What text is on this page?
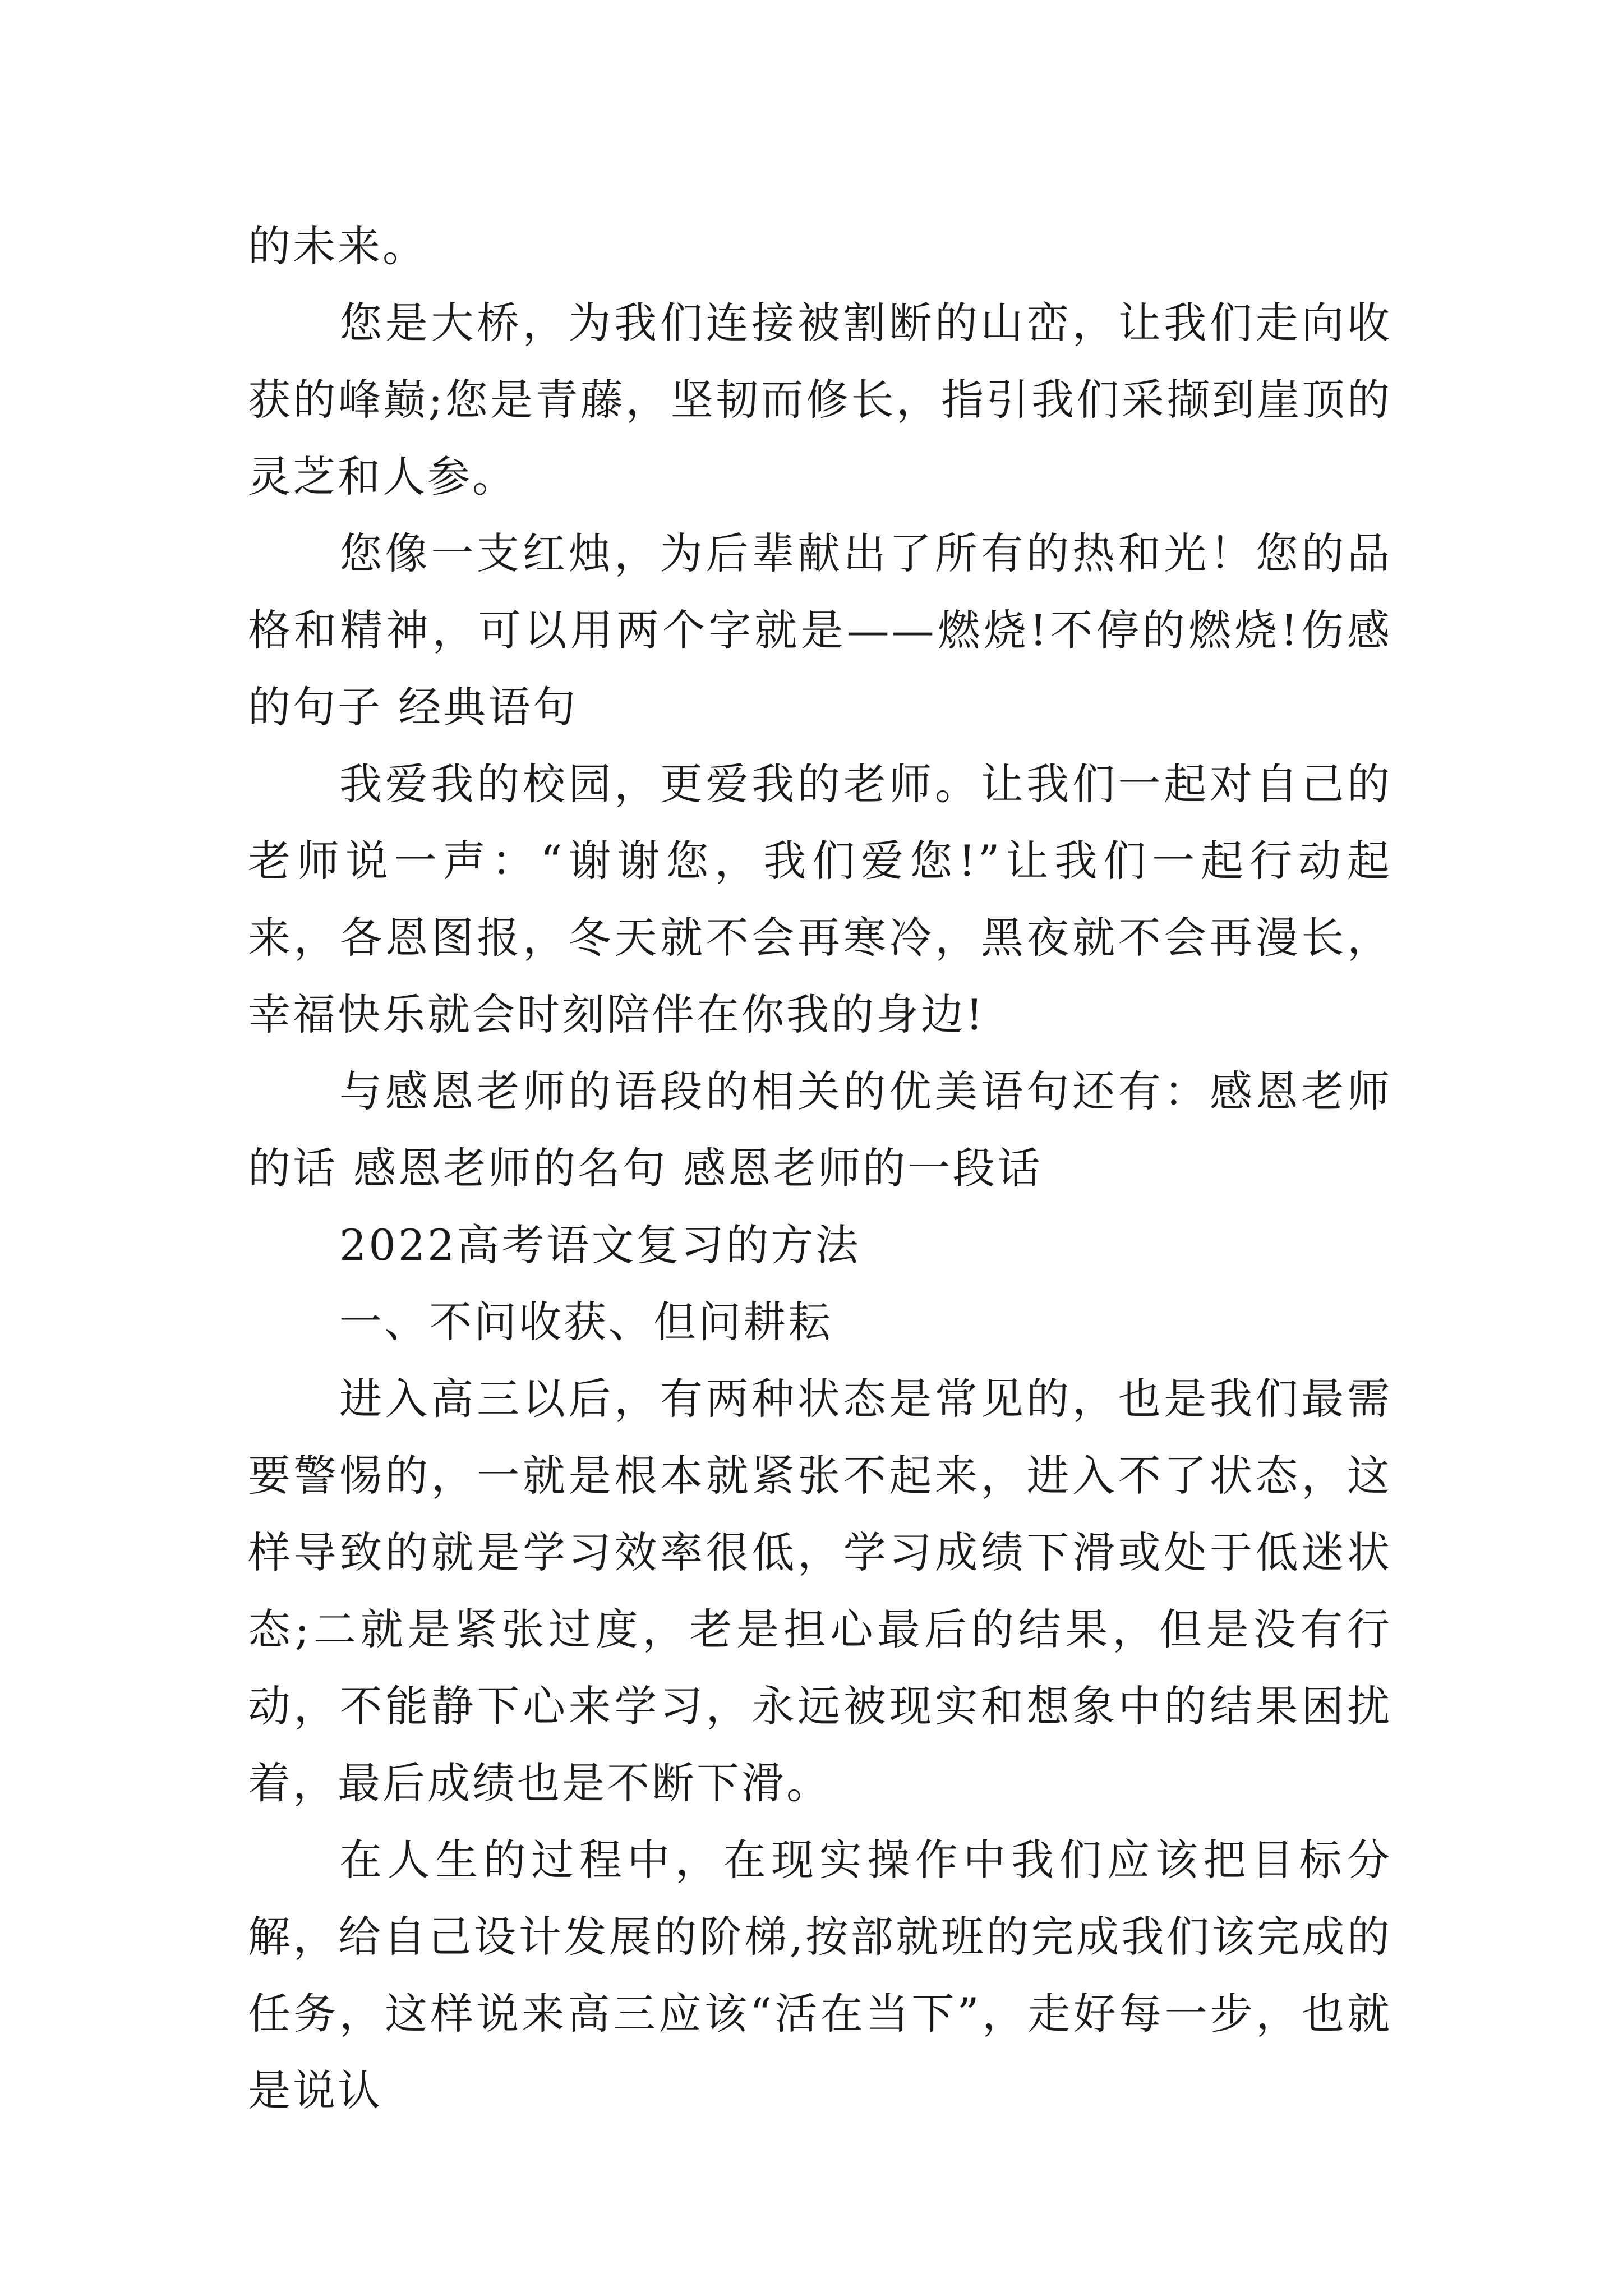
的未来。

您是大桥，为我们连接被割断的山峦，让我们走向收获的峰巅;您是青藤，坚韧而修长，指引我们采撷到崖顶的灵芝和人参。

您像一支红烛，为后辈献出了所有的热和光！您的品格和精神，可以用两个字就是——燃烧!不停的燃烧!伤感的句子 经典语句

我爱我的校园，更爱我的老师。让我们一起对自己的老师说一声：“谢谢您，我们爱您!”让我们一起行动起来，各恩图报，冬天就不会再寒冷，黑夜就不会再漫长，幸福快乐就会时刻陪伴在你我的身边!

与感恩老师的语段的相关的优美语句还有：感恩老师的话 感恩老师的名句 感恩老师的一段话

2022高考语文复习的方法

一、不问收获、但问耕耘

进入高三以后，有两种状态是常见的，也是我们最需要警惕的，一就是根本就紧张不起来，进入不了状态，这样导致的就是学习效率很低，学习成绩下滑或处于低迷状态;二就是紧张过度，老是担心最后的结果，但是没有行动，不能静下心来学习，永远被现实和想象中的结果困扰着，最后成绩也是不断下滑。

在人生的过程中，在现实操作中我们应该把目标分解，给自己设计发展的阶梯,按部就班的完成我们该完成的任务，这样说来高三应该“活在当下”，走好每一步，也就是说认
